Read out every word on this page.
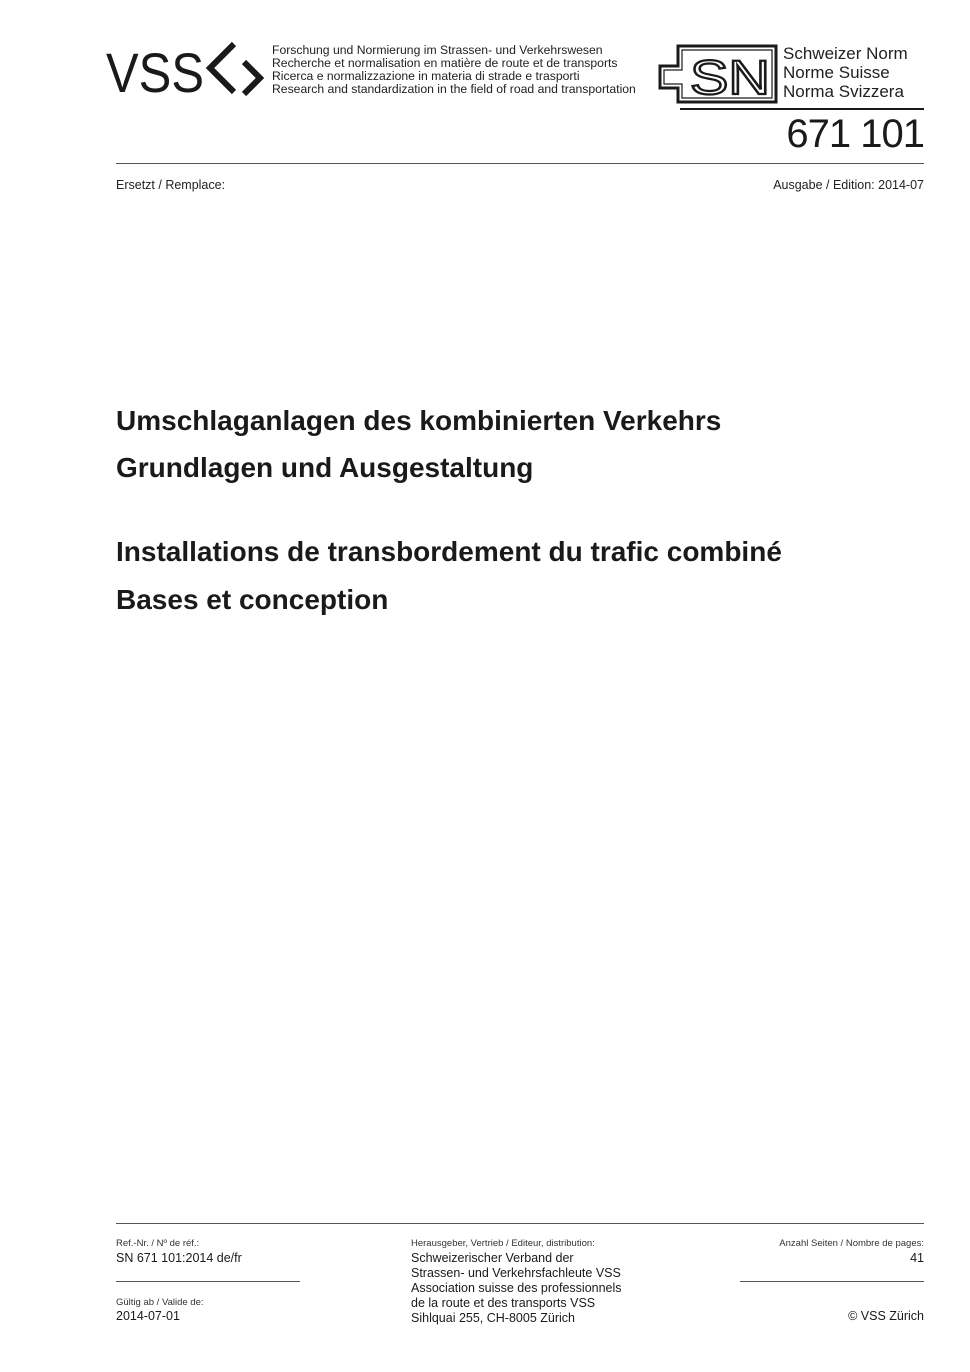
VSS	Forschung und Normierung im Strassen- und Verkehrswesen
Recherche et normalisation en matière de route et de transports
Ricerca e normalizzazione in materia di strade e trasporti
Research and standardization in the field of road and transportation SN Schweizer Norm
Norme Suisse
Norma Svizzera
671 101
Ersetzt / Remplace:	Ausgabe / Edition: 2014-07
Umschlaganlagen des kombinierten Verkehrs
Grundlagen und Ausgestaltung
Installations de transbordement du trafic combiné
Bases et conception
Ref.-Nr. / Nº de réf.:
SN 671 101:2014 de/fr
Gültig ab / Valide de:
2014-07-01
Herausgeber, Vertrieb / Editeur, distribution:
Schweizerischer Verband der
Strassen- und Verkehrsfachleute VSS
Association suisse des professionnels
de la route et des transports VSS
Sihlquai 255, CH-8005 Zürich
Anzahl Seiten / Nombre de pages:
41
© VSS Zürich
